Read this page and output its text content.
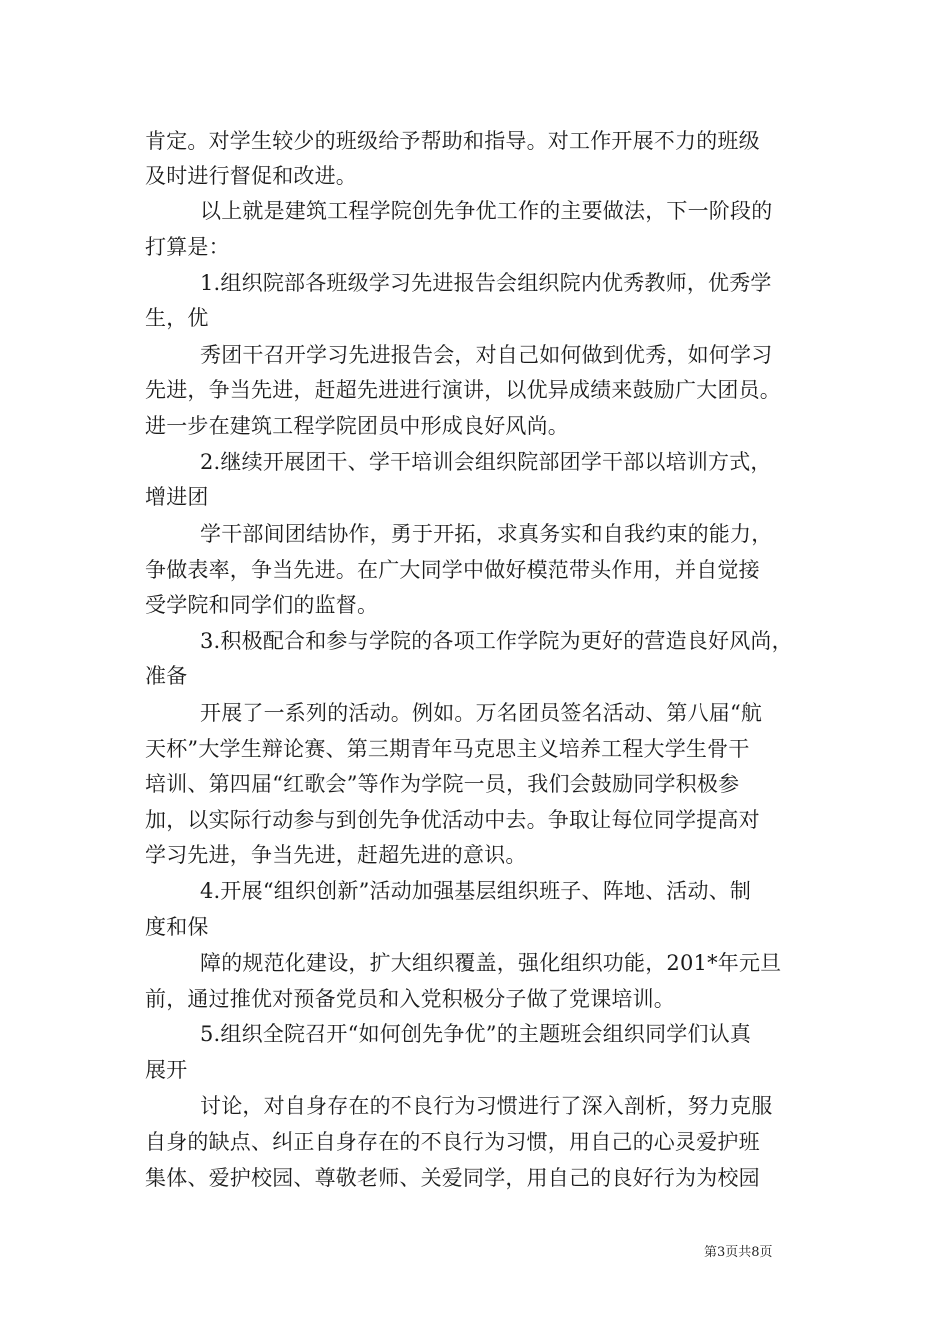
肯定。对学生较少的班级给予帮助和指导。对工作开展不力的班级
及时进行督促和改进。
以上就是建筑工程学院创先争优工作的主要做法，下一阶段的
打算是：
1.组织院部各班级学习先进报告会组织院内优秀教师，优秀学
生，优
秀团干召开学习先进报告会，对自己如何做到优秀，如何学习
先进，争当先进，赶超先进进行演讲，以优异成绩来鼓励广大团员。
进一步在建筑工程学院团员中形成良好风尚。
2.继续开展团干、学干培训会组织院部团学干部以培训方式，
增进团
学干部间团结协作，勇于开拓，求真务实和自我约束的能力，
争做表率，争当先进。在广大同学中做好模范带头作用，并自觉接
受学院和同学们的监督。
3.积极配合和参与学院的各项工作学院为更好的营造良好风尚，
准备
开展了一系列的活动。例如。万名团员签名活动、第八届“航
天杯”大学生辩论赛、第三期青年马克思主义培养工程大学生骨干
培训、第四届“红歌会”等作为学院一员，我们会鼓励同学积极参
加，以实际行动参与到创先争优活动中去。争取让每位同学提高对
学习先进，争当先进，赶超先进的意识。
4.开展“组织创新”活动加强基层组织班子、阵地、活动、制
度和保
障的规范化建设，扩大组织覆盖，强化组织功能，201*年元旦
前，通过推优对预备党员和入党积极分子做了党课培训。
5.组织全院召开“如何创先争优”的主题班会组织同学们认真
展开
讨论，对自身存在的不良行为习惯进行了深入剖析，努力克服
自身的缺点、纠正自身存在的不良行为习惯，用自己的心灵爱护班
集体、爱护校园、尊敬老师、关爱同学，用自己的良好行为为校园
第3页共8页
